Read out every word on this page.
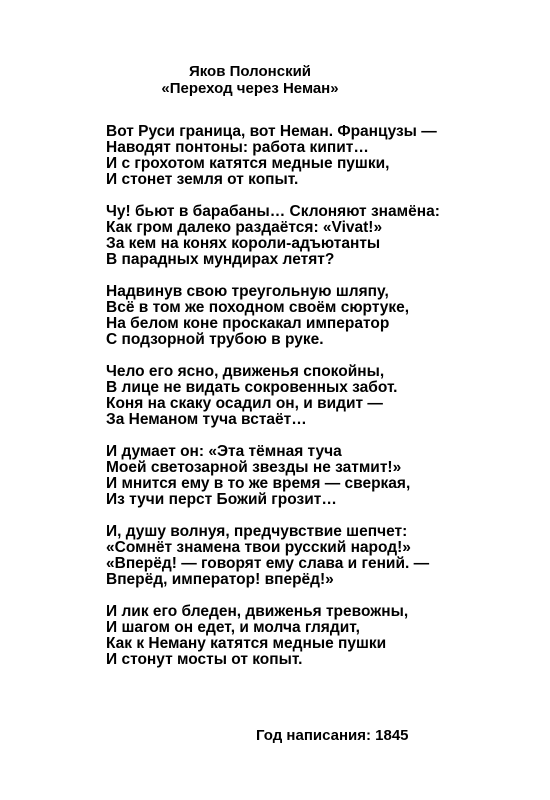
Яков Полонский
«Переход через Неман»
Вот Руси граница, вот Неман. Французы —
Наводят понтоны: работа кипит…
И с грохотом катятся медные пушки,
И стонет земля от копыт.
Чу! бьют в барабаны… Склоняют знамёна:
Как гром далеко раздаётся: «Vivat!»
За кем на конях короли-адъютанты
В парадных мундирах летят?
Надвинув свою треугольную шляпу,
Всё в том же походном своём сюртуке,
На белом коне проскакал император
С подзорной трубою в руке.
Чело его ясно, движенья спокойны,
В лице не видать сокровенных забот.
Коня на скаку осадил он, и видит —
За Неманом туча встаёт…
И думает он: «Эта тёмная туча
Моей светозарной звезды не затмит!»
И мнится ему в то же время — сверкая,
Из тучи перст Божий грозит…
И, душу волнуя, предчувствие шепчет:
«Сомнёт знамена твои русский народ!»
«Вперёд! — говорят ему слава и гений. —
Вперёд, император! вперёд!»
И лик его бледен, движенья тревожны,
И шагом он едет, и молча глядит,
Как к Неману катятся медные пушки
И стонут мосты от копыт.
Год написания: 1845
